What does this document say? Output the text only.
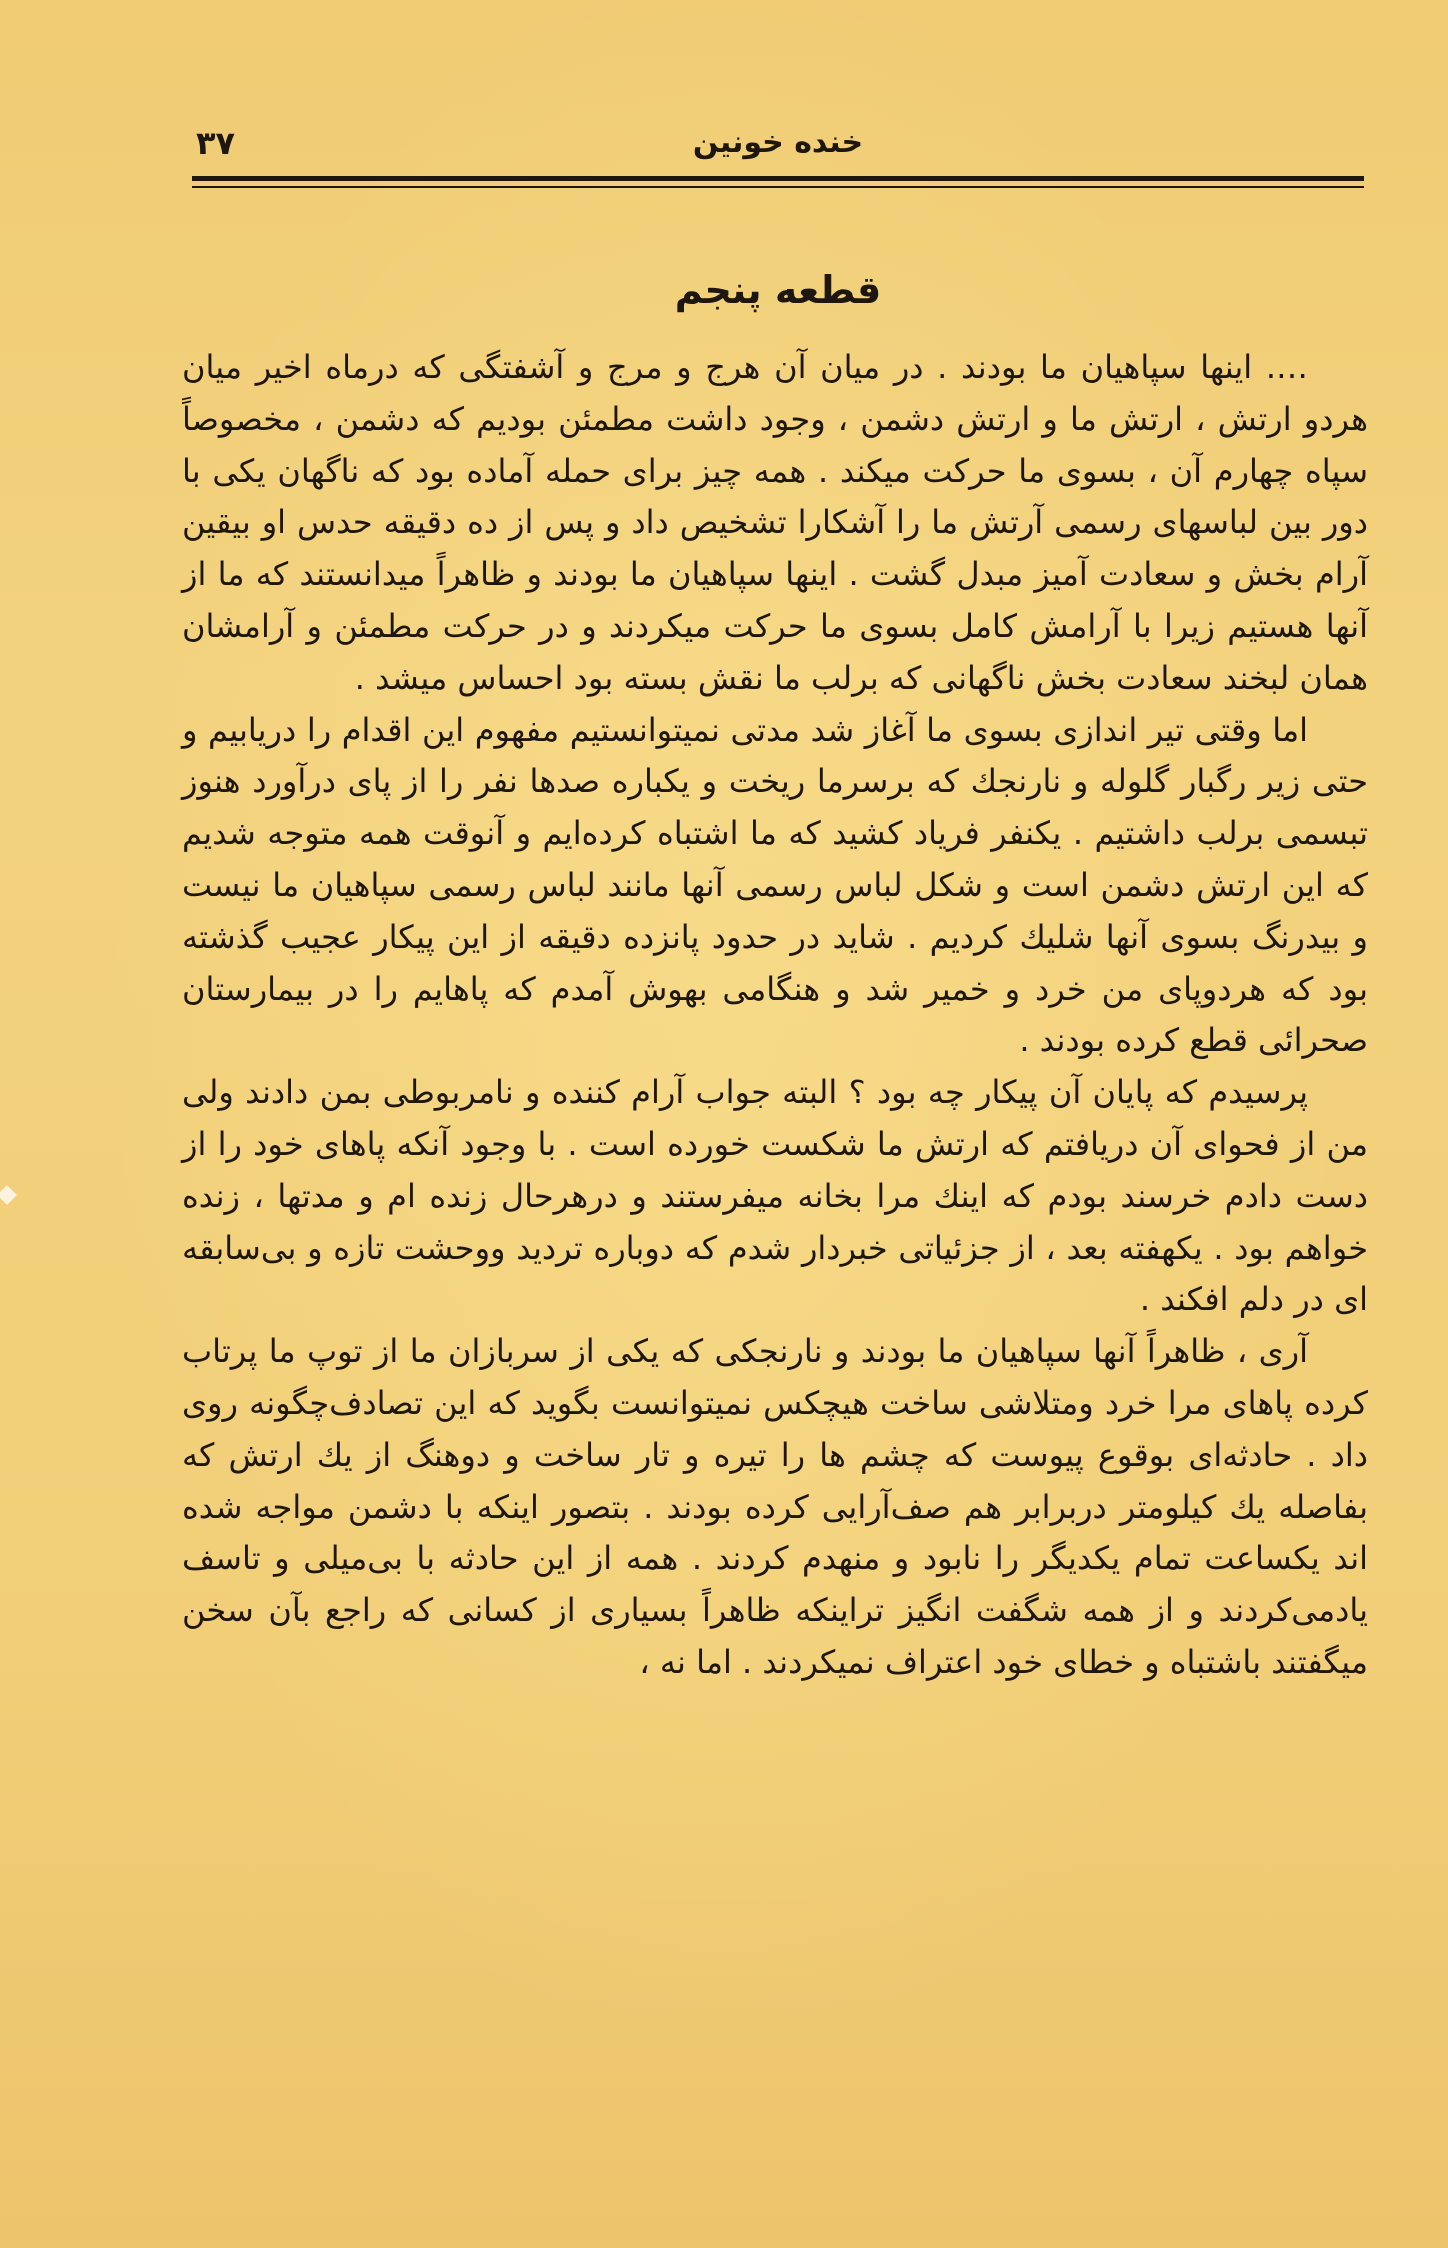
خنده خونین
۳۷
قطعه پنجم

…. اینها سپاهیان ما بودند . در میان آن هرج و مرج و آشفتگی که درماه اخیر میان هردو ارتش ، ارتش ما و ارتش دشمن ، وجود داشت مطمئن بودیم که دشمن ، مخصوصاً سپاه چهارم آن ، بسوی ما حرکت میکند . همه چیز برای حمله آماده بود که ناگهان یکی با دور بین لباسهای رسمی آرتش ما را آشکارا تشخیص داد و پس از ده دقیقه حدس او بیقین آرام بخش و سعادت آمیز مبدل گشت . اینها سپاهیان ما بودند و ظاهراً میدانستند که ما از آنها هستیم زیرا با آرامش کامل بسوی ما حرکت میکردند و در حرکت مطمئن و آرامشان همان لبخند سعادت بخش ناگهانی که برلب ما نقش بسته بود احساس میشد .

اما وقتی تیر اندازی بسوی ما آغاز شد مدتی نمیتوانستیم مفهوم این اقدام را دریابیم و حتی زیر رگبار گلوله و نارنجك که برسرما ریخت و یکباره صدها نفر را از پای درآورد هنوز تبسمی برلب داشتیم . یکنفر فریاد کشید که ما اشتباه کرده‌ایم و آنوقت همه متوجه شدیم که این ارتش دشمن است و شکل لباس رسمی آنها مانند لباس رسمی سپاهیان ما نیست و بیدرنگ بسوی آنها شلیك کردیم . شاید در حدود پانزده دقیقه از این پیکار عجیب گذشته بود که هردوپای من خرد و خمیر شد و هنگامی بهوش آمدم که پاهایم را در بیمارستان صحرائی قطع کرده بودند .

پرسیدم که پایان آن پیکار چه بود ؟ البته جواب آرام کننده و نامربوطی بمن دادند ولی من از فحوای آن دریافتم که ارتش ما شکست خورده است . با وجود آنکه پاهای خود را از دست دادم خرسند بودم که اینك مرا بخانه میفرستند و درهرحال زنده ام و مدتها ، زنده خواهم بود . یکهفته بعد ، از جزئیاتی خبردار شدم که دوباره تردید ووحشت تازه و بی‌سابقه ای در دلم افکند .

آری ، ظاهراً آنها سپاهیان ما بودند و نارنجکی که یکی از سربازان ما از توپ ما پرتاب کرده پاهای مرا خرد ومتلاشی ساخت هیچکس نمیتوانست بگوید که این تصادف‌چگونه روی داد . حادثه‌ای بوقوع پیوست که چشم ها را تیره و تار ساخت و دوهنگ از یك ارتش که بفاصله یك کیلومتر دربرابر هم صف‌آرایی کرده بودند . بتصور اینکه با دشمن مواجه شده اند یکساعت تمام یکدیگر را نابود و منهدم کردند . همه از این حادثه با بی‌میلی و تاسف یادمی‌کردند و از همه شگفت انگیز تراینکه ظاهراً بسیاری از کسانی که راجع بآن سخن میگفتند باشتباه و خطای خود اعتراف نمیکردند . اما نه ،
